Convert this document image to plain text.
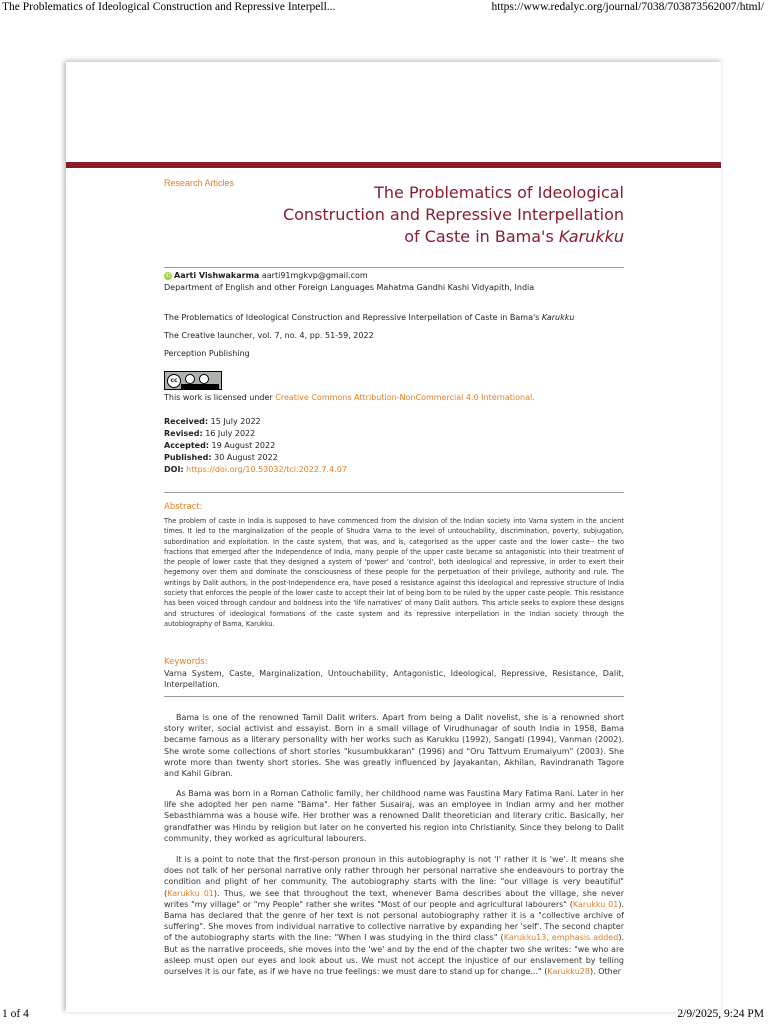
The Problematics of Ideological Construction and Repressive Interpell...	https://www.redalyc.org/journal/7038/703873562007/html/
Research Articles	The Problematics of Ideological
Construction and Repressive Interpellation
of Caste in Bama's Karukku

iD Aarti Vishwakarma aarti91mgkvp@gmail.com

Department of English and other Foreign Languages Mahatma Gandhi Kashi Vidyapith, India

The Problematics of Ideological Construction and Repressive Interpellation of Caste in Bama's Karukku

The Creative launcher, vol. 7, no. 4, pp. 51-59, 2022
Perception Publishing
cc
This work is licensed under Creative Commons Attribution-NonCommercial 4.0 International.

Received: 15 July 2022

Revised: 16 July 2022

Accepted: 19 August 2022

Published: 30 August 2022

DOI: https://doi.org/10.53032/tcl.2022.7.4.07

Abstract:
The problem of caste in India is supposed to have commenced from the division of the Indian society into Varna system in the ancient times. It led to the marginalization of the people of Shudra Varna to the level of untouchability, discrimination, poverty, subjugation, subordination and exploitation. In the caste system, that was, and is, categorised as the upper caste and the lower caste-- the two fractions that emerged after the Independence of India, many people of the upper caste became so antagonistic into their treatment of the people of lower caste that they designed a system of 'power' and 'control', both ideological and repressive, in order to exert their hegemony over them and dominate the consciousness of these people for the perpetuation of their privilege, authority and rule. The writings by Dalit authors, in the post-Independence era, have posed a resistance against this ideological and repressive structure of India society that enforces the people of the lower caste to accept their lot of being born to be ruled by the upper caste people. This resistance has been voiced through candour and boldness into the 'life narratives' of many Dalit authors. This article seeks to explore these designs and structures of ideological formations of the caste system and its repressive interpellation in the Indian society through the autobiography of Bama, Karukku.
Keywords:
Varna System, Caste, Marginalization, Untouchability, Antagonistic, Ideological, Repressive, Resistance, Dalit, Interpellation.
Bama is one of the renowned Tamil Dalit writers. Apart from being a Dalit novelist, she is a renowned short story writer, social activist and essayist. Born in a small village of Virudhunagar of south India in 1958, Bama became famous as a literary personality with her works such as Karukku (1992), Sangati (1994), Vanman (2002). She wrote some collections of short stories "kusumbukkaran" (1996) and "Oru Tattvum Erumaiyum" (2003). She wrote more than twenty short stories. She was greatly influenced by Jayakantan, Akhilan, Ravindranath Tagore and Kahil Gibran.
As Bama was born in a Roman Catholic family, her childhood name was Faustina Mary Fatima Rani. Later in her life she adopted her pen name "Bama". Her father Susairaj, was an employee in Indian army and her mother Sebasthiamma was a house wife. Her brother was a renowned Dalit theoretician and literary critic. Basically, her grandfather was Hindu by religion but later on he converted his region into Christianity. Since they belong to Dalit community, they worked as agricultural labourers.
It is a point to note that the first-person pronoun in this autobiography is not 'I' rather it is 'we'. It means she does not talk of her personal narrative only rather through her personal narrative she endeavours to portray the condition and plight of her community. The autobiography starts with the line: "our village is very beautiful" (Karukku 01). Thus, we see that throughout the text, whenever Bama describes about the village, she never writes "my village" or "my People" rather she writes "Most of our people and agricultural labourers" (Karukku 01). Bama has declared that the genre of her text is not personal autobiography rather it is a "collective archive of suffering". She moves from individual narrative to collective narrative by expanding her 'self'. The second chapter of the autobiography starts with the line: "When I was studying in the third class" (Karukku13, emphasis added). But as the narrative proceeds, she moves into the 'we' and by the end of the chapter two she writes: "we who are asleep must open our eyes and look about us. We must not accept the injustice of our enslavement by telling ourselves it is our fate, as if we have no true feelings: we must dare to stand up for change..." (Karukku28). Other
1 of 4	2/9/2025, 9:24 PM
